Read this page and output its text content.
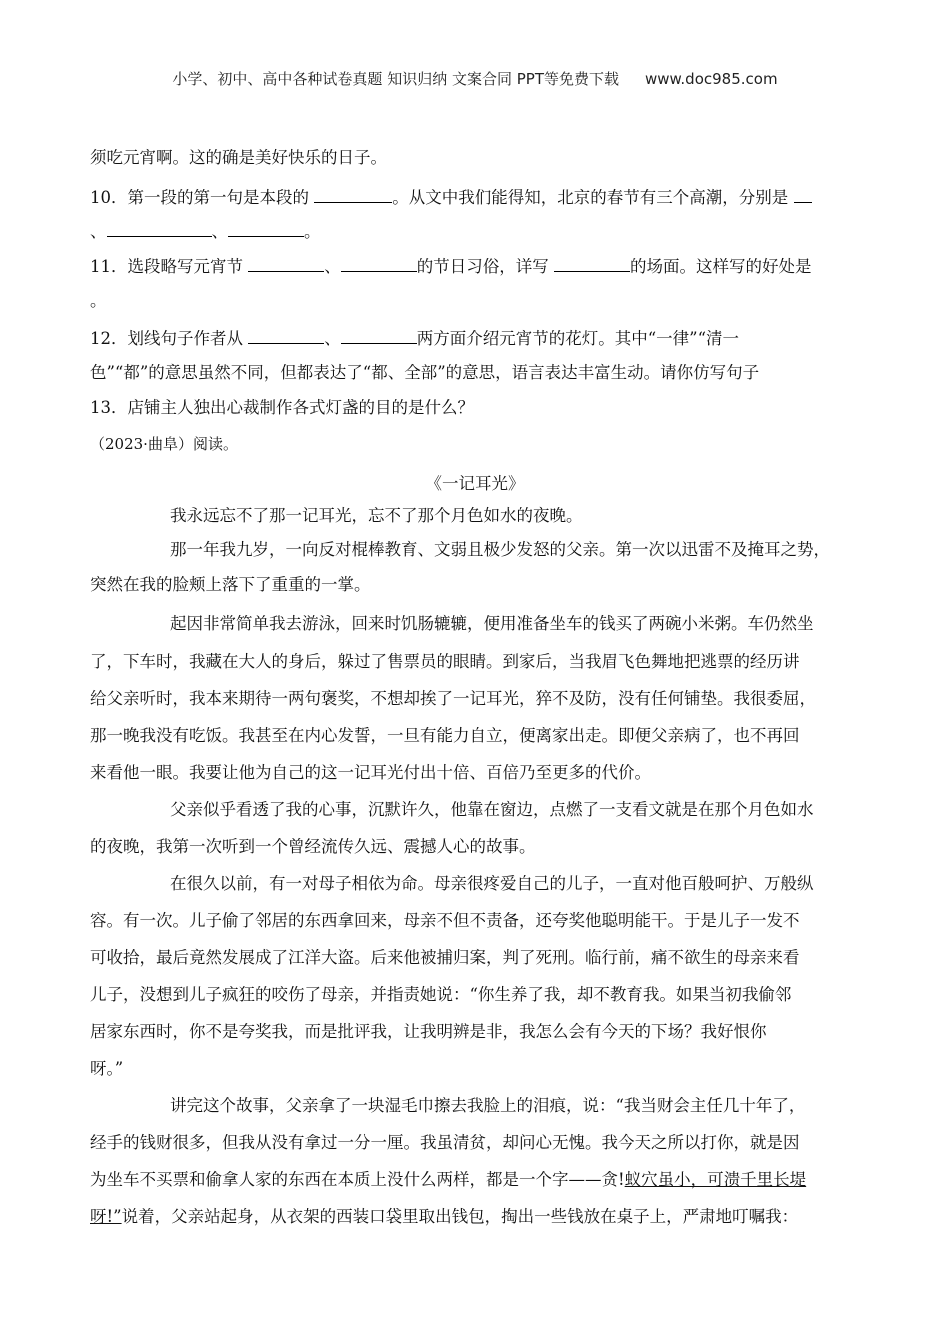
小学、初中、高中各种试卷真题 知识归纳 文案合同 PPT等免费下载 www.doc985.com
须吃元宵啊。这的确是美好快乐的日子。
10．第一段的第一句是本段的	。从文中我们能得知，北京的春节有三个高潮，分别是
、	、	。
11．选段略写元宵节	、	的节日习俗，详写	的场面。这样写的好处是
。
12．划线句子作者从	、	两方面介绍元宵节的花灯。其中“一律”“清一
色”“都”的意思虽然不同，但都表达了“都、全部”的意思，语言表达丰富生动。请你仿写句子
13．店铺主人独出心裁制作各式灯盏的目的是什么？
（2023·曲阜）阅读。
《一记耳光》
我永远忘不了那一记耳光，忘不了那个月色如水的夜晚。
那一年我九岁，一向反对棍棒教育、文弱且极少发怒的父亲。第一次以迅雷不及掩耳之势，
突然在我的脸颊上落下了重重的一掌。
起因非常简单我去游泳，回来时饥肠辘辘，便用准备坐车的钱买了两碗小米粥。车仍然坐
了，下车时，我藏在大人的身后，躲过了售票员的眼睛。到家后，当我眉飞色舞地把逃票的经历讲
给父亲听时，我本来期待一两句褒奖，不想却挨了一记耳光，猝不及防，没有任何铺垫。我很委屈，
那一晚我没有吃饭。我甚至在内心发誓，一旦有能力自立，便离家出走。即便父亲病了，也不再回
来看他一眼。我要让他为自己的这一记耳光付出十倍、百倍乃至更多的代价。
父亲似乎看透了我的心事，沉默许久，他靠在窗边，点燃了一支看文就是在那个月色如水
的夜晚，我第一次听到一个曾经流传久远、震撼人心的故事。
在很久以前，有一对母子相依为命。母亲很疼爱自己的儿子，一直对他百般呵护、万般纵
容。有一次。儿子偷了邻居的东西拿回来，母亲不但不责备，还夸奖他聪明能干。于是儿子一发不
可收拾，最后竟然发展成了江洋大盗。后来他被捕归案，判了死刑。临行前，痛不欲生的母亲来看
儿子，没想到儿子疯狂的咬伤了母亲，并指责她说：“你生养了我，却不教育我。如果当初我偷邻
居家东西时，你不是夸奖我，而是批评我，让我明辨是非，我怎么会有今天的下场？我好恨你
呀。”
讲完这个故事，父亲拿了一块湿毛巾擦去我脸上的泪痕，说：“我当财会主任几十年了，
经手的钱财很多，但我从没有拿过一分一厘。我虽清贫，却问心无愧。我今天之所以打你，就是因
为坐车不买票和偷拿人家的东西在本质上没什么两样，都是一个字——贪!蚁穴虽小，可溃千里长堤
呀!”说着，父亲站起身，从衣架的西装口袋里取出钱包，掏出一些钱放在桌子上，严肃地叮嘱我：
